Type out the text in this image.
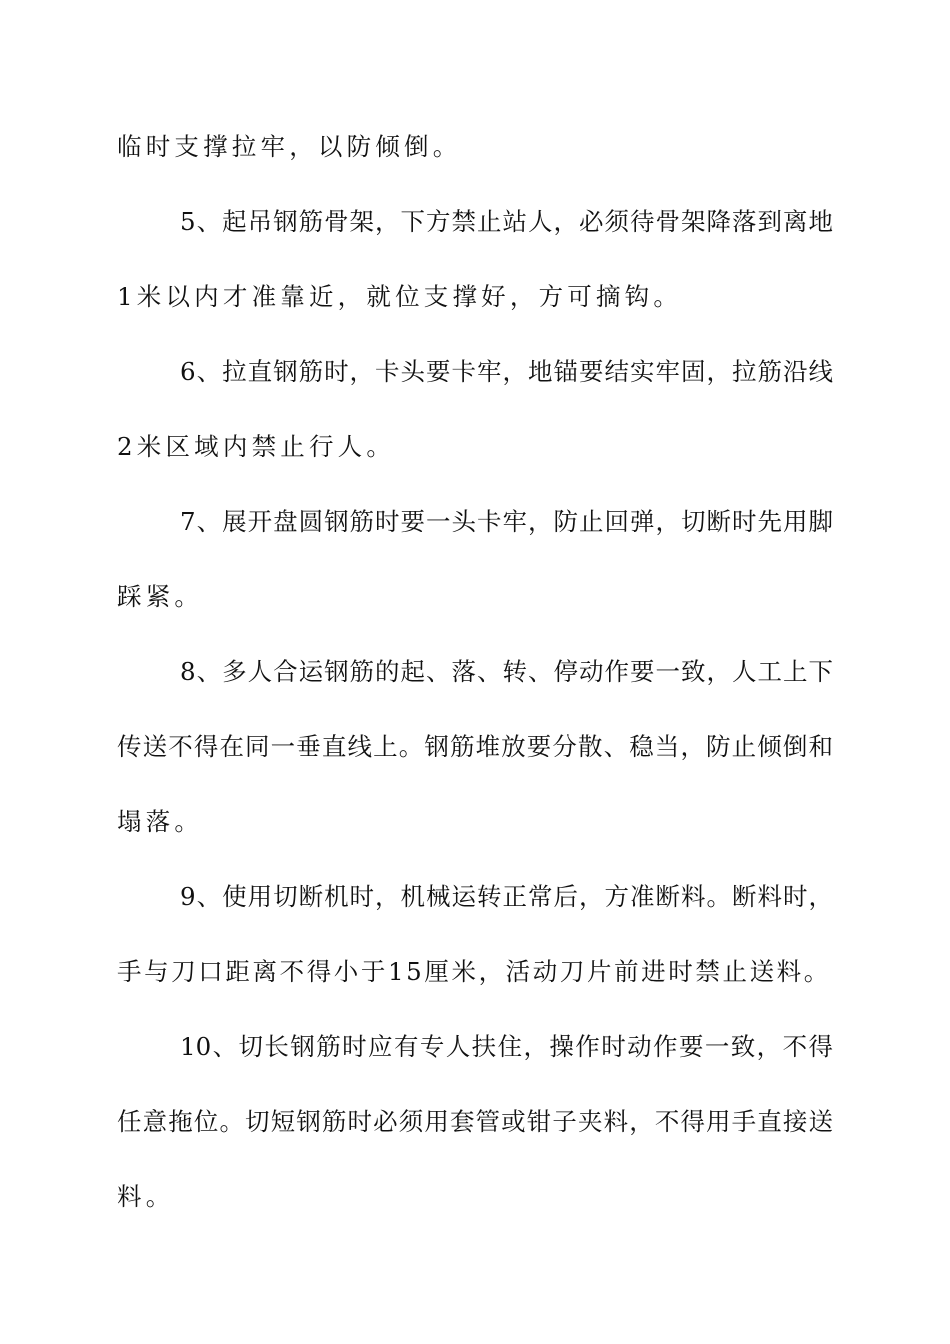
临时支撑拉牢，以防倾倒。
5、起吊钢筋骨架，下方禁止站人，必须待骨架降落到离地
1米以内才准靠近，就位支撑好，方可摘钩。
6、拉直钢筋时，卡头要卡牢，地锚要结实牢固，拉筋沿线
2米区域内禁止行人。
7、展开盘圆钢筋时要一头卡牢，防止回弹，切断时先用脚
踩紧。
8、多人合运钢筋的起、落、转、停动作要一致，人工上下
传送不得在同一垂直线上。钢筋堆放要分散、稳当，防止倾倒和
塌落。
9、使用切断机时，机械运转正常后，方准断料。断料时，
手与刀口距离不得小于15厘米，活动刀片前进时禁止送料。
10、切长钢筋时应有专人扶住，操作时动作要一致，不得
任意拖位。切短钢筋时必须用套管或钳子夹料，不得用手直接送
料。
